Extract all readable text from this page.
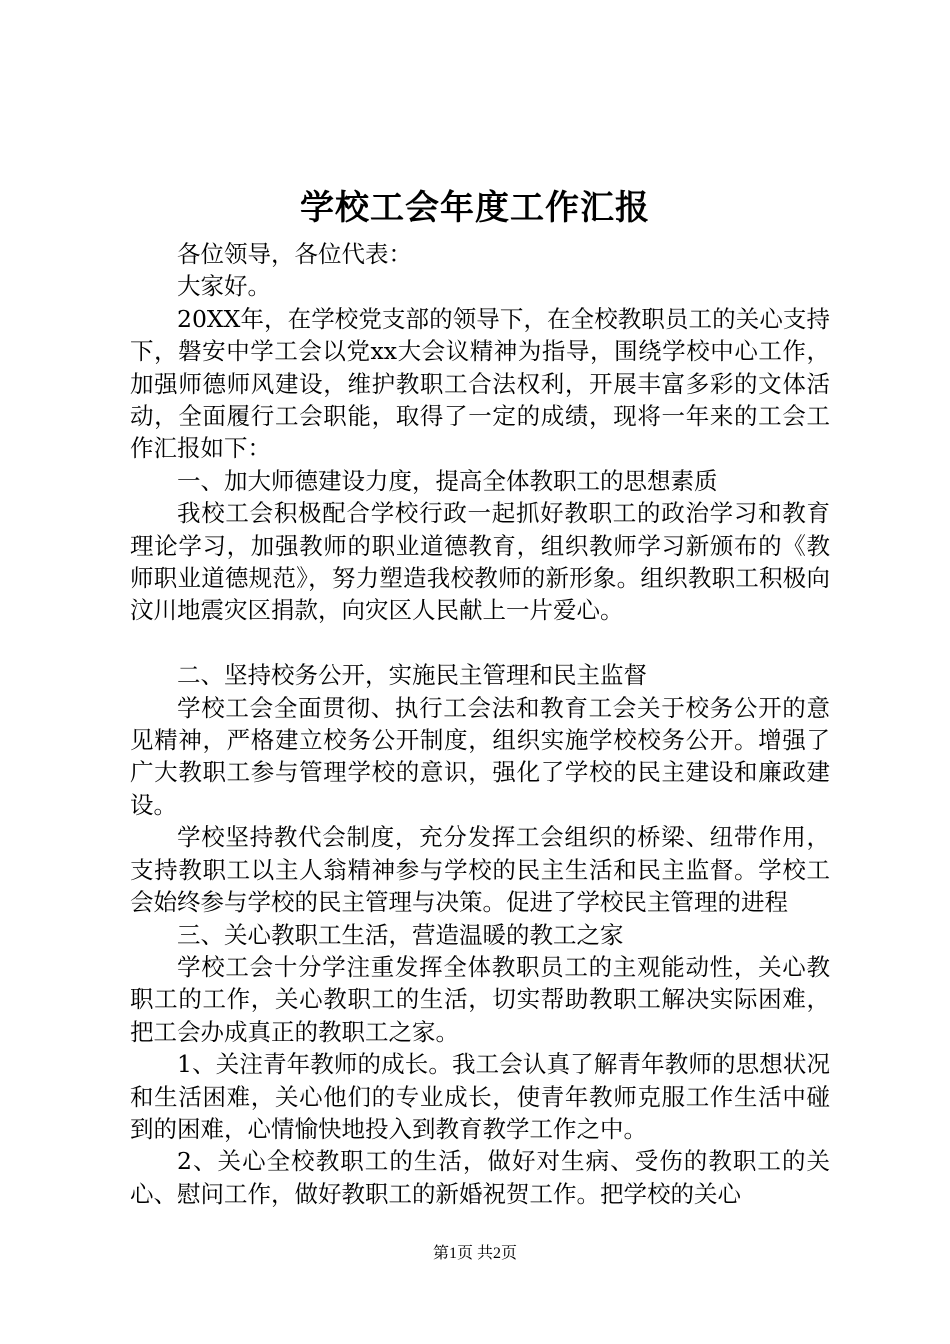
学校工会年度工作汇报

各位领导，各位代表：

大家好。

20XX年，在学校党支部的领导下，在全校教职员工的关心支持下，磐安中学工会以党xx大会议精神为指导，围绕学校中心工作，加强师德师风建设，维护教职工合法权利，开展丰富多彩的文体活动，全面履行工会职能，取得了一定的成绩，现将一年来的工会工作汇报如下：

一、加大师德建设力度，提高全体教职工的思想素质

我校工会积极配合学校行政一起抓好教职工的政治学习和教育理论学习，加强教师的职业道德教育，组织教师学习新颁布的《教师职业道德规范》，努力塑造我校教师的新形象。组织教职工积极向汶川地震灾区捐款，向灾区人民献上一片爱心。

二、坚持校务公开，实施民主管理和民主监督

学校工会全面贯彻、执行工会法和教育工会关于校务公开的意见精神，严格建立校务公开制度，组织实施学校校务公开。增强了广大教职工参与管理学校的意识，强化了学校的民主建设和廉政建设。

学校坚持教代会制度，充分发挥工会组织的桥梁、纽带作用，支持教职工以主人翁精神参与学校的民主生活和民主监督。学校工会始终参与学校的民主管理与决策。促进了学校民主管理的进程

三、关心教职工生活，营造温暖的教工之家

学校工会十分学注重发挥全体教职员工的主观能动性，关心教职工的工作，关心教职工的生活，切实帮助教职工解决实际困难，把工会办成真正的教职工之家。

1、关注青年教师的成长。我工会认真了解青年教师的思想状况和生活困难，关心他们的专业成长，使青年教师克服工作生活中碰到的困难，心情愉快地投入到教育教学工作之中。

2、关心全校教职工的生活，做好对生病、受伤的教职工的关心、慰问工作，做好教职工的新婚祝贺工作。把学校的关心

第1页 共2页
